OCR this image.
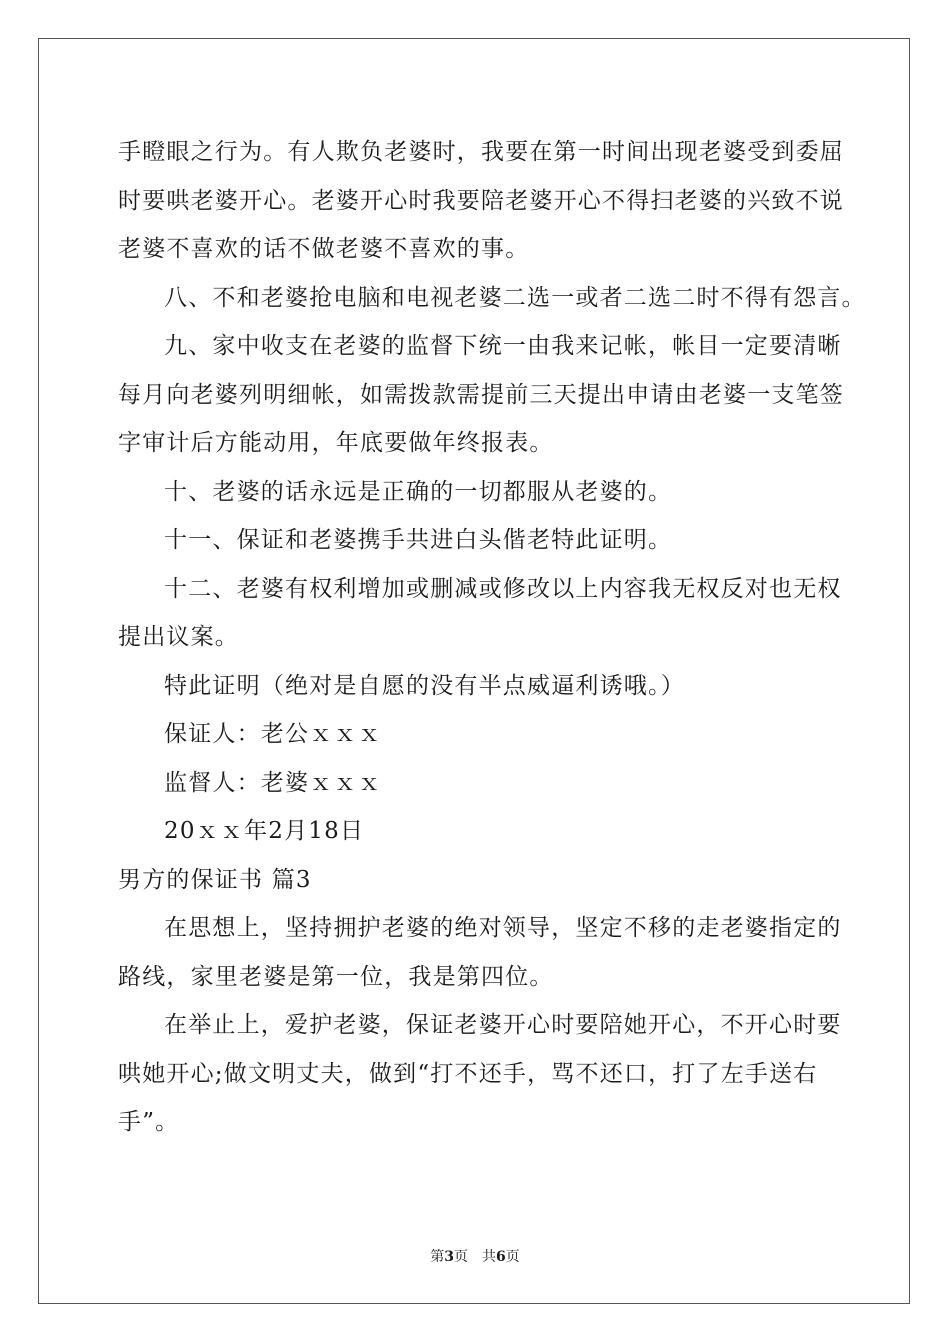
手瞪眼之行为。有人欺负老婆时，我要在第一时间出现老婆受到委屈
时要哄老婆开心。老婆开心时我要陪老婆开心不得扫老婆的兴致不说
老婆不喜欢的话不做老婆不喜欢的事。
八、不和老婆抢电脑和电视老婆二选一或者二选二时不得有怨言。
九、家中收支在老婆的监督下统一由我来记帐，帐目一定要清晰
每月向老婆列明细帐，如需拨款需提前三天提出申请由老婆一支笔签
字审计后方能动用，年底要做年终报表。
十、老婆的话永远是正确的一切都服从老婆的。
十一、保证和老婆携手共进白头偕老特此证明。
十二、老婆有权利增加或删减或修改以上内容我无权反对也无权
提出议案。
特此证明（绝对是自愿的没有半点威逼利诱哦。）
保证人：老公ｘｘｘ
监督人：老婆ｘｘｘ
20ｘｘ年2月18日
男方的保证书 篇3
在思想上，坚持拥护老婆的绝对领导，坚定不移的走老婆指定的
路线，家里老婆是第一位，我是第四位。
在举止上，爱护老婆，保证老婆开心时要陪她开心，不开心时要
哄她开心;做文明丈夫，做到“打不还手，骂不还口，打了左手送右
手”。
第3页　共6页
